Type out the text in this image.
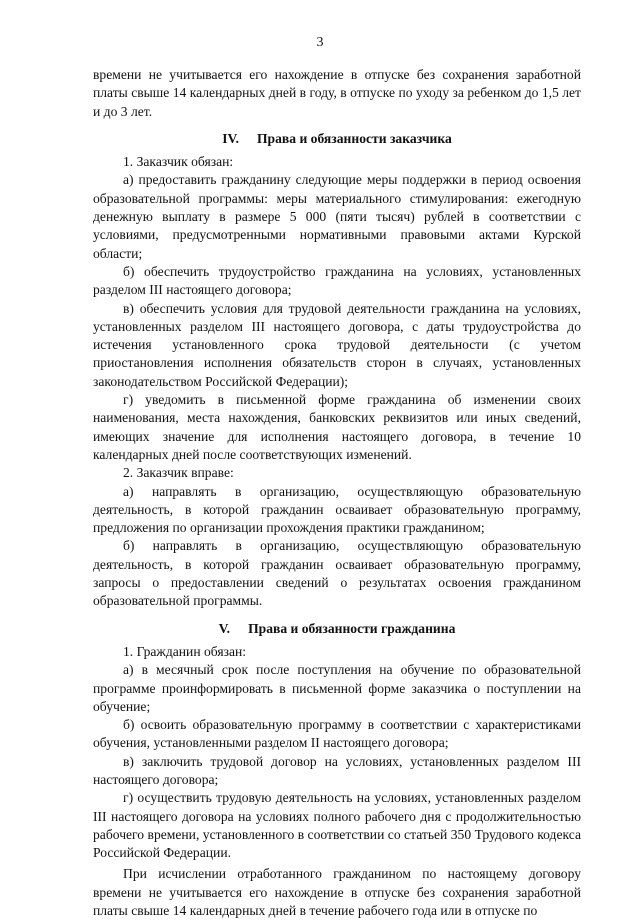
3

времени не учитывается его нахождение в отпуске без сохранения заработной платы свыше 14 календарных дней в году, в отпуске по уходу за ребенком до 1,5 лет и до 3 лет.

IV. Права и обязанности заказчика

1. Заказчик обязан:

а) предоставить гражданину следующие меры поддержки в период освоения образовательной программы: меры материального стимулирования: ежегодную денежную выплату в размере 5 000 (пяти тысяч) рублей в соответствии с условиями, предусмотренными нормативными правовыми актами Курской области;

б) обеспечить трудоустройство гражданина на условиях, установленных разделом III настоящего договора;

в) обеспечить условия для трудовой деятельности гражданина на условиях, установленных разделом III настоящего договора, с даты трудоустройства до истечения установленного срока трудовой деятельности (с учетом приостановления исполнения обязательств сторон в случаях, установленных законодательством Российской Федерации);

г) уведомить в письменной форме гражданина об изменении своих наименования, места нахождения, банковских реквизитов или иных сведений, имеющих значение для исполнения настоящего договора, в течение 10 календарных дней после соответствующих изменений.

2. Заказчик вправе:

а) направлять в организацию, осуществляющую образовательную деятельность, в которой гражданин осваивает образовательную программу, предложения по организации прохождения практики гражданином;

б) направлять в организацию, осуществляющую образовательную деятельность, в которой гражданин осваивает образовательную программу, запросы о предоставлении сведений о результатах освоения гражданином образовательной программы.

V. Права и обязанности гражданина

1. Гражданин обязан:

а) в месячный срок после поступления на обучение по образовательной программе проинформировать в письменной форме заказчика о поступлении на обучение;

б) освоить образовательную программу в соответствии с характеристиками обучения, установленными разделом II настоящего договора;

в) заключить трудовой договор на условиях, установленных разделом III настоящего договора;

г) осуществить трудовую деятельность на условиях, установленных разделом III настоящего договора на условиях полного рабочего дня с продолжительностью рабочего времени, установленного в соответствии со статьей 350 Трудового кодекса Российской Федерации.

При исчислении отработанного гражданином по настоящему договору времени не учитывается его нахождение в отпуске без сохранения заработной платы свыше 14 календарных дней в течение рабочего года или в отпуске по
